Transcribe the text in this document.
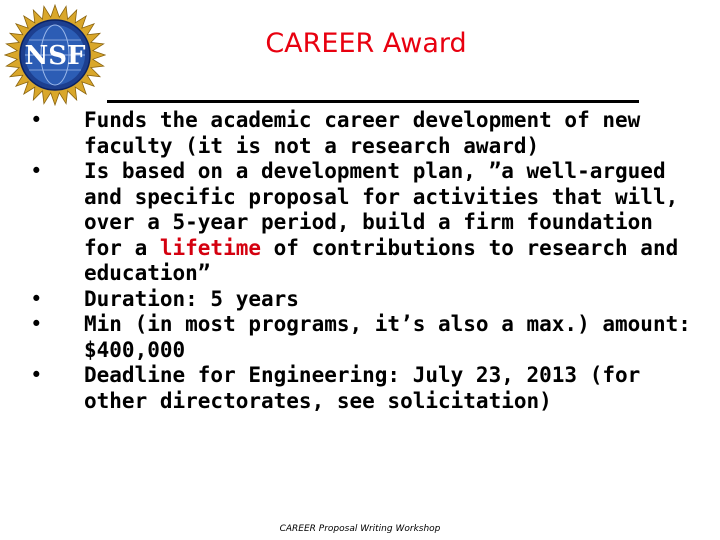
NSF	CAREER Award
• Funds the academic career development of new faculty (it is not a research award)
• Is based on a development plan, ”a well-argued and specific proposal for activities that will, over a 5-year period, build a firm foundation for a lifetime of contributions to research and education”
• Duration: 5 years
• Min (in most programs, it’s also a max.) amount: $400,000
• Deadline for Engineering: July 23, 2013 (for other directorates, see solicitation)
CAREER Proposal Writing Workshop
